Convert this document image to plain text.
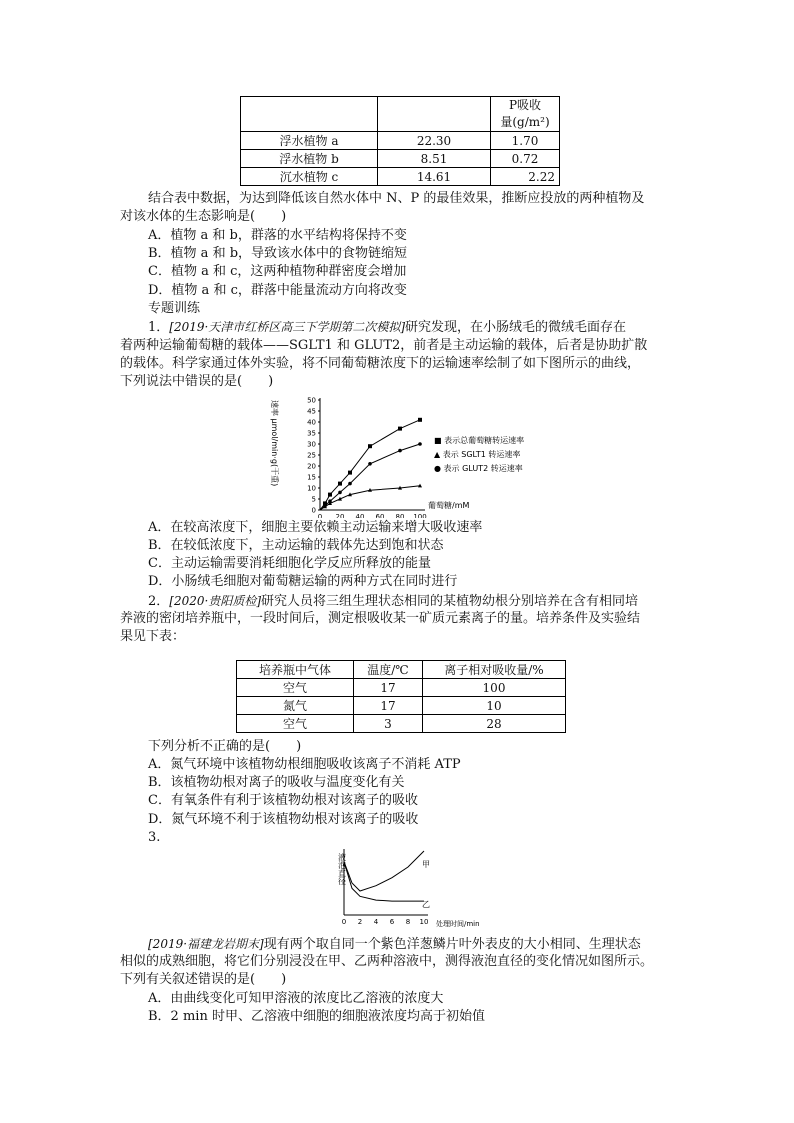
		P吸收
量(g/m²)

浮水植物 a	22.30	1.70
浮水植物 b	8.51	0.72
沉水植物 c	14.61	2.22
结合表中数据，为达到降低该自然水体中 N、P 的最佳效果，推断应投放的两种植物及
对该水体的生态影响是(　　)
A．植物 a 和 b，群落的水平结构将保持不变
B．植物 a 和 b，导致该水体中的食物链缩短
C．植物 a 和 c，这两种植物种群密度会增加
D．植物 a 和 c，群落中能量流动方向将改变
专题训练
1．[2019·天津市红桥区高三下学期第二次模拟]研究发现，在小肠绒毛的微绒毛面存在
着两种运输葡萄糖的载体——SGLT1 和 GLUT2，前者是主动运输的载体，后者是协助扩散
的载体。科学家通过体外实验，将不同葡萄糖浓度下的运输速率绘制了如下图所示的曲线，
下列说法中错误的是(　　)
速率 μmol/min·g(干重)
0
5
10
15
20
25
30
35
40
45
50
0 20 40 60 80 100
葡萄糖/mM
■ 表示总葡萄糖转运速率
▲ 表示 SGLT1 转运速率
● 表示 GLUT2 转运速率
A．在较高浓度下，细胞主要依赖主动运输来增大吸收速率
B．在较低浓度下，主动运输的载体先达到饱和状态
C．主动运输需要消耗细胞化学反应所释放的能量
D．小肠绒毛细胞对葡萄糖运输的两种方式在同时进行
2．[2020·贵阳质检]研究人员将三组生理状态相同的某植物幼根分别培养在含有相同培
养液的密闭培养瓶中，一段时间后，测定根吸收某一矿质元素离子的量。培养条件及实验结
果见下表：
培养瓶中气体	温度/℃	离子相对吸收量/%
空气	17	100
氮气	17	10
空气	3	28
下列分析不正确的是(　　)
A．氮气环境中该植物幼根细胞吸收该离子不消耗 ATP
B．该植物幼根对离子的吸收与温度变化有关
C．有氧条件有利于该植物幼根对该离子的吸收
D．氮气环境不利于该植物幼根对该离子的吸收
3.
液泡直径
0 2 4 6 8 10 处理时间/min
甲
乙
[2019·福建龙岩期末]现有两个取自同一个紫色洋葱鳞片叶外表皮的大小相同、生理状态
相似的成熟细胞，将它们分别浸没在甲、乙两种溶液中，测得液泡直径的变化情况如图所示。
下列有关叙述错误的是(　　)
A．由曲线变化可知甲溶液的浓度比乙溶液的浓度大
B．2 min 时甲、乙溶液中细胞的细胞液浓度均高于初始值
